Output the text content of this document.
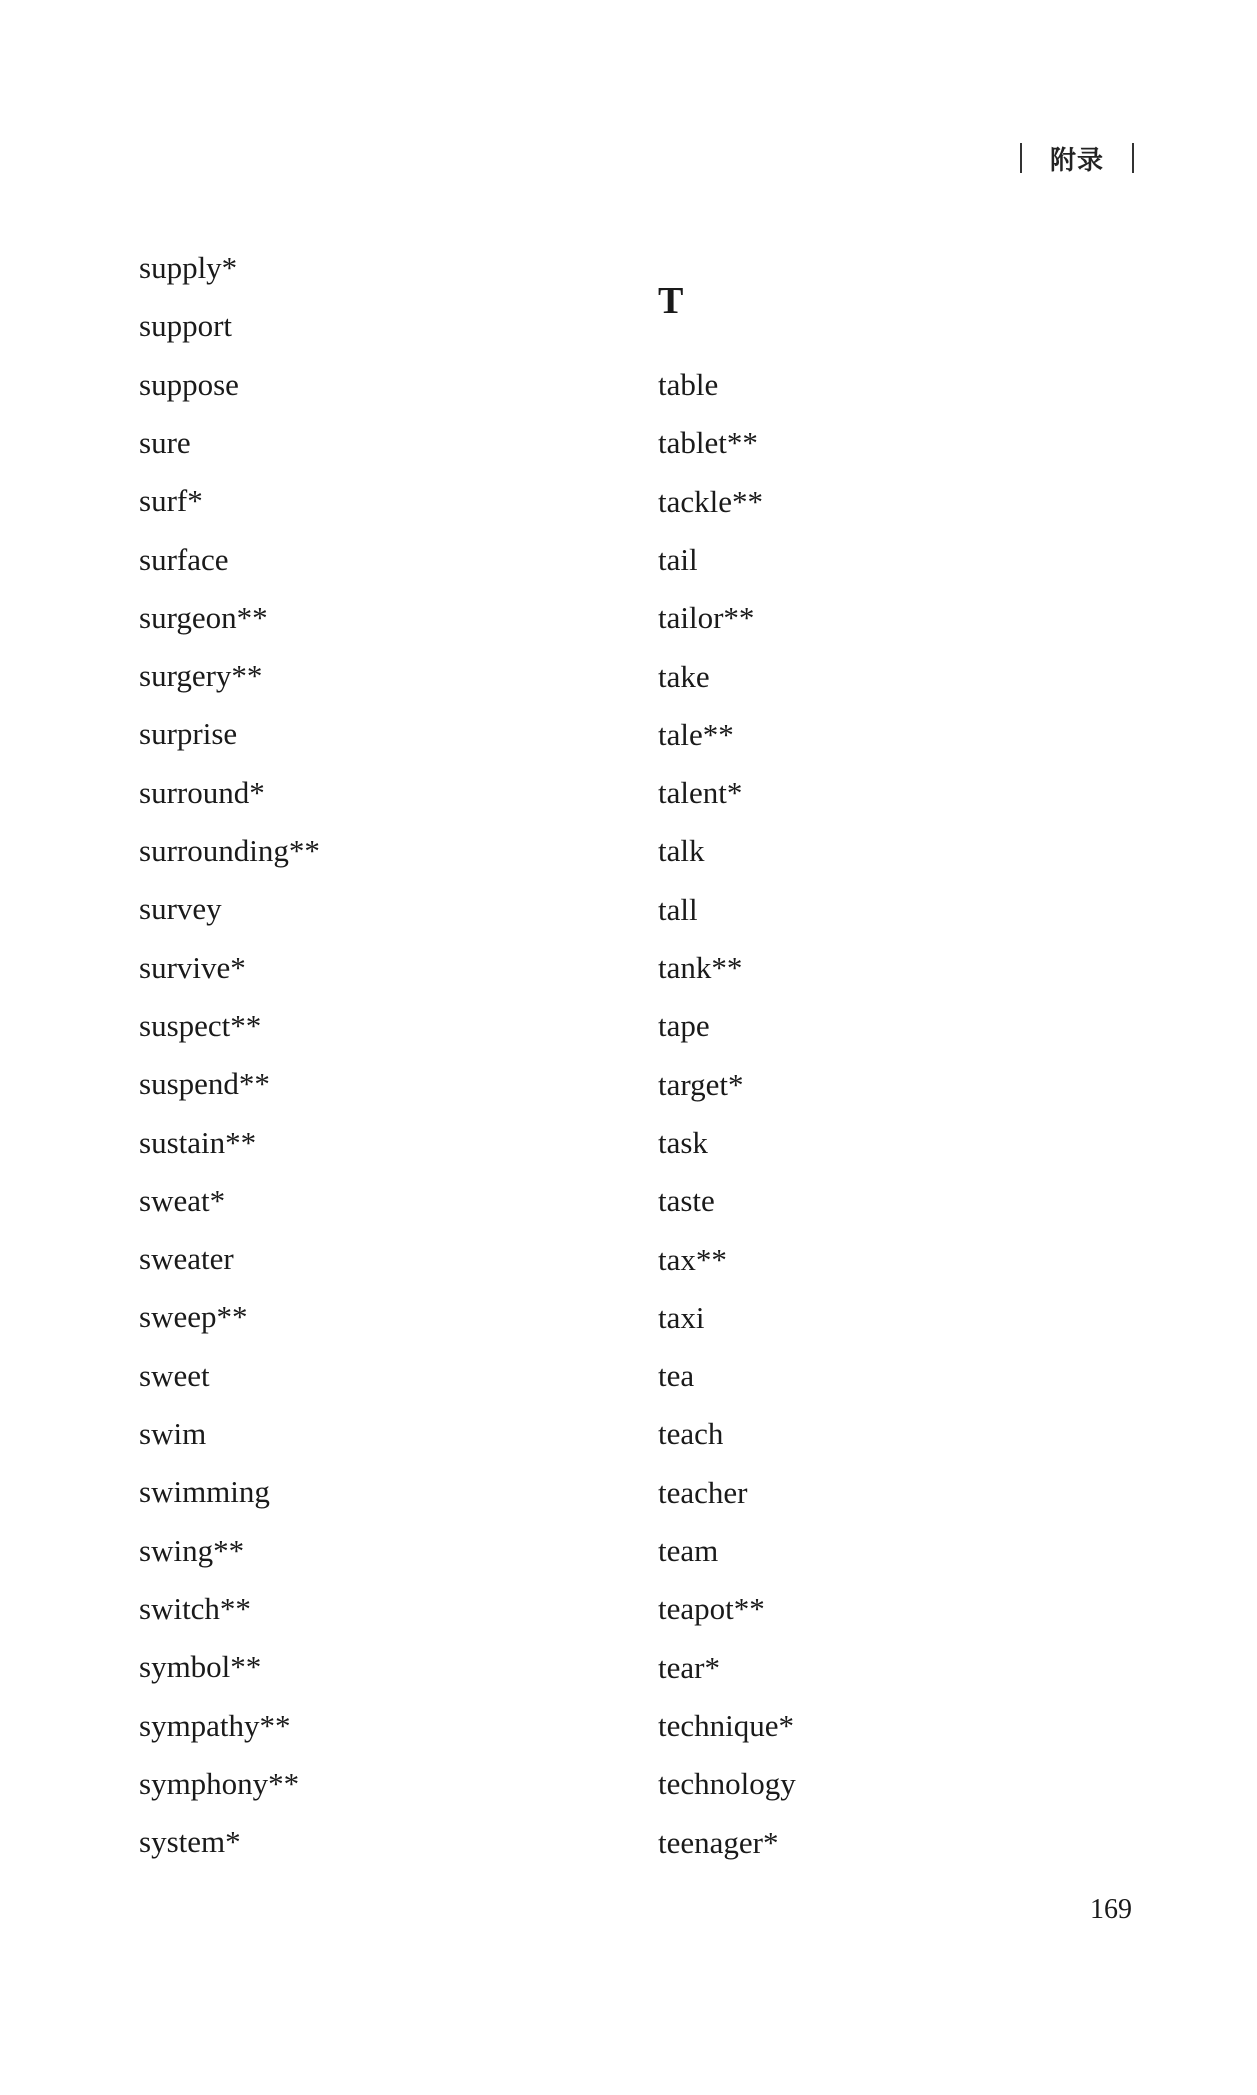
附录
supply*
support
suppose
sure
surf*
surface
surgeon**
surgery**
surprise
surround*
surrounding**
survey
survive*
suspect**
suspend**
sustain**
sweat*
sweater
sweep**
sweet
swim
swimming
swing**
switch**
symbol**
sympathy**
symphony**
system*
T
table
tablet**
tackle**
tail
tailor**
take
tale**
talent*
talk
tall
tank**
tape
target*
task
taste
tax**
taxi
tea
teach
teacher
team
teapot**
tear*
technique*
technology
teenager*
169
